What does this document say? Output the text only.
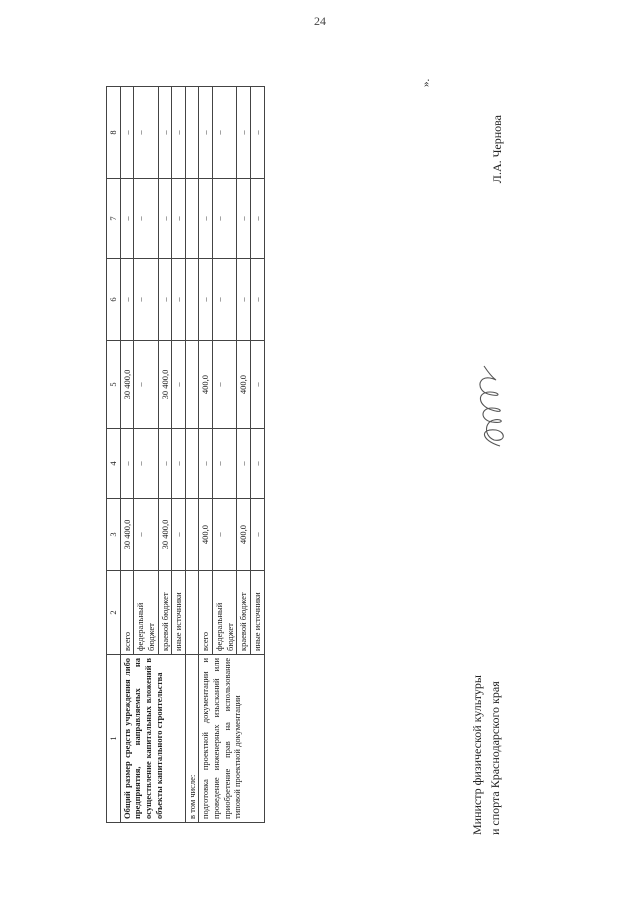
24
1	2	3	4	5	6	7	8
Общий размер средств учреждения либо предприятия, направляемых на осуществление капитальных вложений в объекты капитального строительства	всего	30 400,0	–	30 400,0	–	–	–
	федеральный бюджет	–	–	–	–	–	–
	краевой бюджет	30 400,0	–	30 400,0	–	–	–
	иные источники	–	–	–	–	–	–
в том числе:							
подготовка проектной документации и проведение инженерных изысканий или приобретение прав на использование типовой проектной документации	всего	400,0	–	400,0	–	–	–
	федеральный бюджет	–	–	–	–	–	–
	краевой бюджет	400,0	–	400,0	–	–	–
	иные источники	–	–	–	–	–	–
».
Министр физической культуры и спорта Краснодарского края
Л.А. Чернова
